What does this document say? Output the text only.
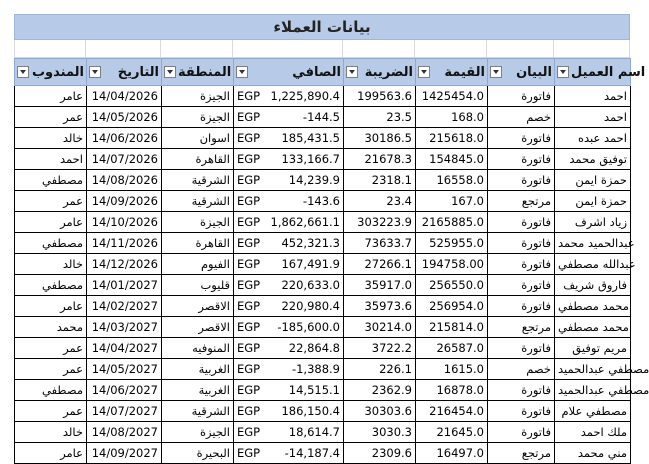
بيانات العملاء
المندوب	التاريخ	المنطقة	الصافي	الضريبة	القيمة	البيان	اسم العميل
عامر	14/04/2026	الجيزة	EGP 1,225,890.4	199563.6	1425454.0	فاتورة	احمد
عمر	14/05/2026	الجيزة	EGP -144.5	23.5	168.0	خصم	احمد
خالد	14/06/2026	اسوان	EGP 185,431.5	30186.5	215618.0	فاتورة	احمد عبده
احمد	14/07/2026	القاهرة	EGP 133,166.7	21678.3	154845.0	فاتورة	توفيق محمد
مصطفي	14/08/2026	الشرقية	EGP 14,239.9	2318.1	16558.0	فاتورة	حمزة ايمن
عمر	14/09/2026	الشرقية	EGP -143.6	23.4	167.0	مرتجع	حمزة ايمن
عامر	14/10/2026	الجيزة	EGP 1,862,661.1	303223.9	2165885.0	فاتورة	زياد اشرف
مصطفي	14/11/2026	القاهرة	EGP 452,321.3	73633.7	525955.0	فاتورة	عبدالحميد محمد
خالد	14/12/2026	الفيوم	EGP 167,491.9	27266.1	194758.00	فاتورة	عبدالله مصطفي
مصطفي	14/01/2027	قليوب	EGP 220,633.0	35917.0	256550.0	فاتورة	فاروق شريف
عامر	14/02/2027	الاقصر	EGP 220,980.4	35973.6	256954.0	فاتورة	محمد مصطفي
محمد	14/03/2027	الاقصر	EGP -185,600.0	30214.0	215814.0	مرتجع	محمد مصطفي
عمر	14/04/2027	المنوفيه	EGP 22,864.8	3722.2	26587.0	فاتورة	مريم توفيق
عمر	14/05/2027	الغربية	EGP -1,388.9	226.1	1615.0	خصم	مصطفي عبدالحميد
مصطفي	14/06/2027	الغربية	EGP 14,515.1	2362.9	16878.0	فاتورة	مصطفي عبدالحميد
عمر	14/07/2027	الشرقية	EGP 186,150.4	30303.6	216454.0	فاتورة	مصطفي علام
خالد	14/08/2027	الجيزة	EGP 18,614.7	3030.3	21645.0	فاتورة	ملك احمد
عامر	14/09/2027	البحيرة	EGP -14,187.4	2309.6	16497.0	مرتجع	مني محمد
